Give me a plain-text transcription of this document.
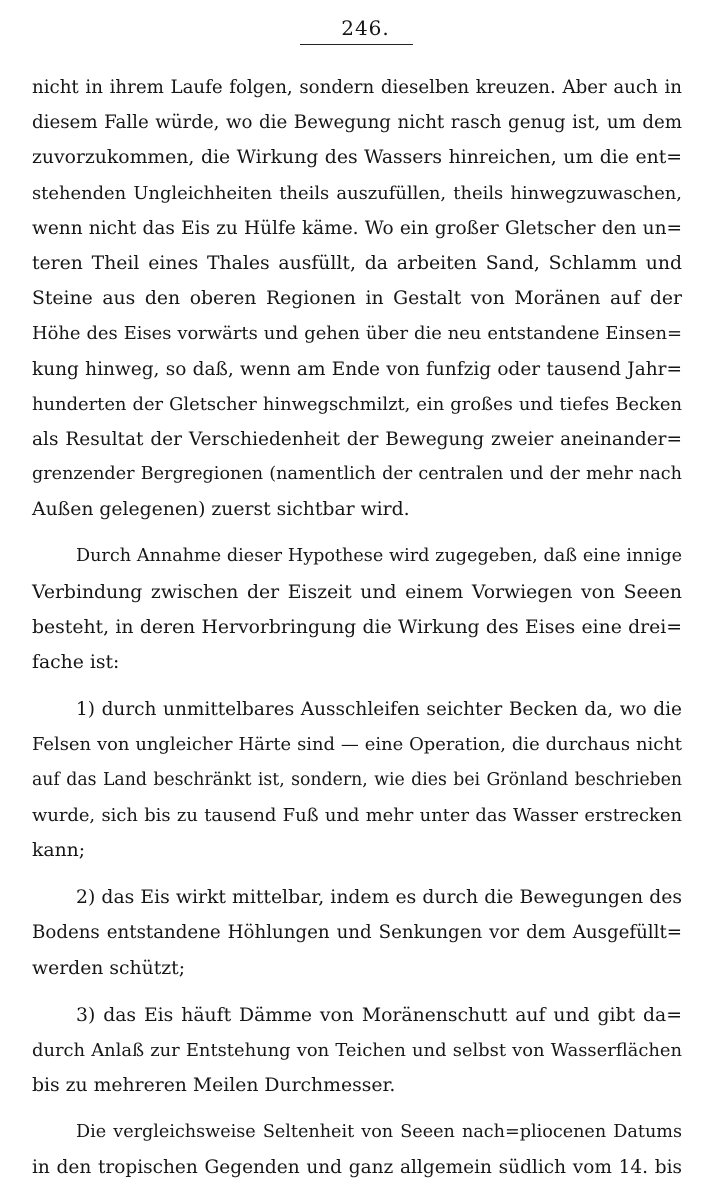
246.
nicht in ihrem Laufe folgen, sondern dieselben kreuzen. Aber auch in
diesem Falle würde, wo die Bewegung nicht rasch genug ist, um dem
zuvorzukommen, die Wirkung des Wassers hinreichen, um die ent=
stehenden Ungleichheiten theils auszufüllen, theils hinwegzuwaschen,
wenn nicht das Eis zu Hülfe käme. Wo ein großer Gletscher den un=
teren Theil eines Thales ausfüllt, da arbeiten Sand, Schlamm und
Steine aus den oberen Regionen in Gestalt von Moränen auf der
Höhe des Eises vorwärts und gehen über die neu entstandene Einsen=
kung hinweg, so daß, wenn am Ende von funfzig oder tausend Jahr=
hunderten der Gletscher hinwegschmilzt, ein großes und tiefes Becken
als Resultat der Verschiedenheit der Bewegung zweier aneinander=
grenzender Bergregionen (namentlich der centralen und der mehr nach
Außen gelegenen) zuerst sichtbar wird.
Durch Annahme dieser Hypothese wird zugegeben, daß eine innige
Verbindung zwischen der Eiszeit und einem Vorwiegen von Seeen
besteht, in deren Hervorbringung die Wirkung des Eises eine drei=
fache ist:
1) durch unmittelbares Ausschleifen seichter Becken da, wo die
Felsen von ungleicher Härte sind — eine Operation, die durchaus nicht
auf das Land beschränkt ist, sondern, wie dies bei Grönland beschrieben
wurde, sich bis zu tausend Fuß und mehr unter das Wasser erstrecken
kann;
2) das Eis wirkt mittelbar, indem es durch die Bewegungen des
Bodens entstandene Höhlungen und Senkungen vor dem Ausgefüllt=
werden schützt;
3) das Eis häuft Dämme von Moränenschutt auf und gibt da=
durch Anlaß zur Entstehung von Teichen und selbst von Wasserflächen
bis zu mehreren Meilen Durchmesser.
Die vergleichsweise Seltenheit von Seeen nach=pliocenen Datums
in den tropischen Gegenden und ganz allgemein südlich vom 14. bis
